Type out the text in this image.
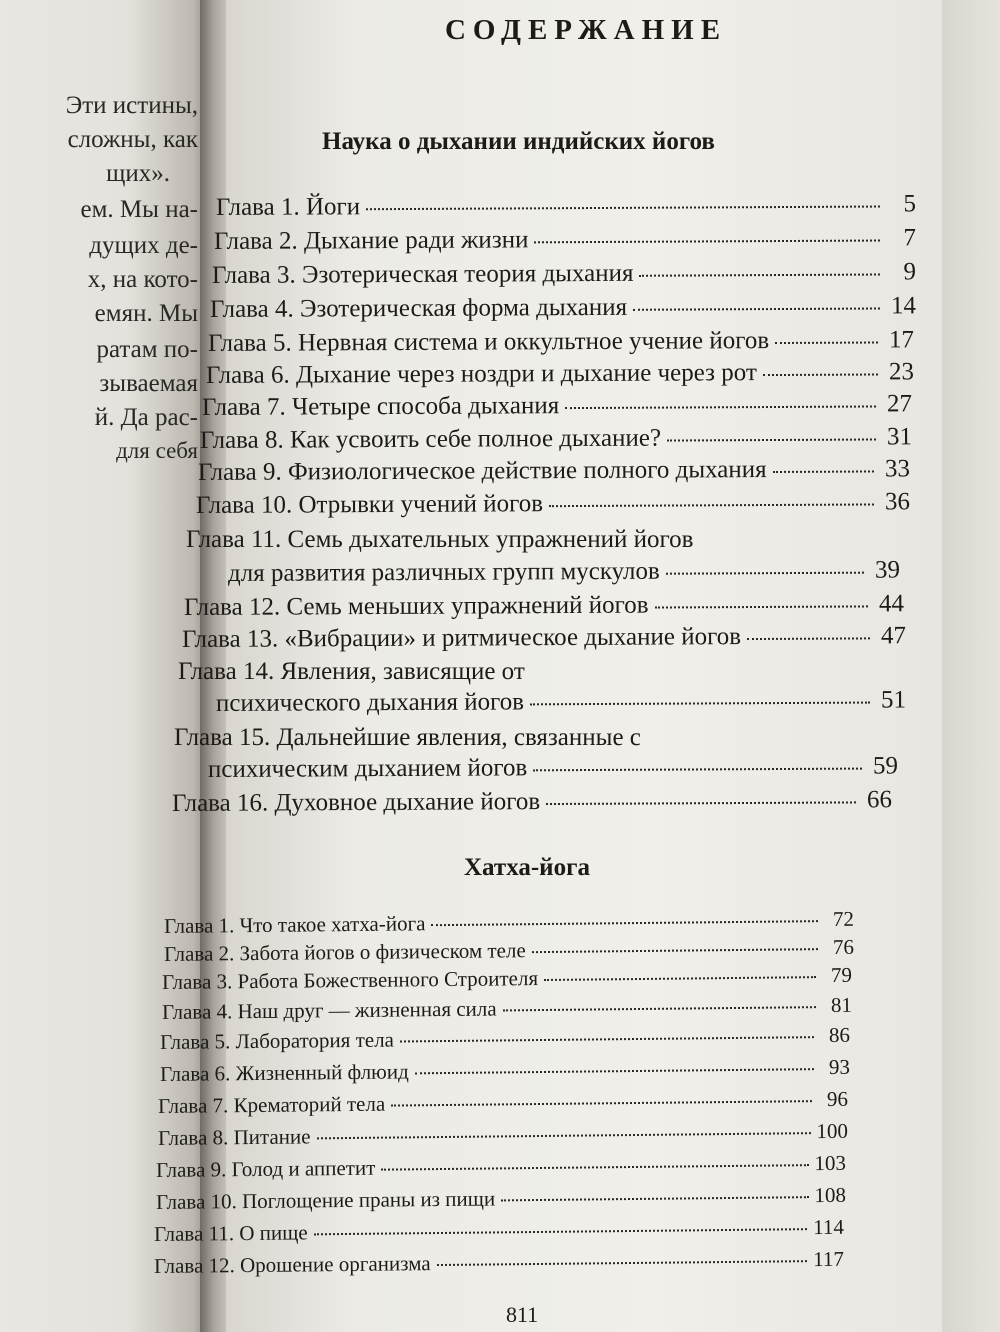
Эти истины,
сложны, как
щих».
ем. Мы на-
дущих де-
х, на кото-
емян. Мы
ратам по-
зываемая
й. Да рас-
для себя
СОДЕРЖАНИЕ
Наука о дыхании индийских йогов
Глава 1. Йоги	5
Глава 2. Дыхание ради жизни	7
Глава 3. Эзотерическая теория дыхания	9
Глава 4. Эзотерическая форма дыхания	14
Глава 5. Нервная система и оккультное учение йогов	17
Глава 6. Дыхание через ноздри и дыхание через рот	23
Глава 7. Четыре способа дыхания	27
Глава 8. Как усвоить себе полное дыхание?	31
Глава 9. Физиологическое действие полного дыхания	33
Глава 10. Отрывки учений йогов	36
Глава 11. Семь дыхательных упражнений йогов
для развития различных групп мускулов	39
Глава 12. Семь меньших упражнений йогов	44
Глава 13. «Вибрации» и ритмическое дыхание йогов	47
Глава 14. Явления, зависящие от
психического дыхания йогов	51
Глава 15. Дальнейшие явления, связанные с
психическим дыханием йогов	59
Глава 16. Духовное дыхание йогов	66
Хатха-йога
Глава 1. Что такое хатха-йога	72
Глава 2. Забота йогов о физическом теле	76
Глава 3. Работа Божественного Строителя	79
Глава 4. Наш друг — жизненная сила	81
Глава 5. Лаборатория тела	86
Глава 6. Жизненный флюид	93
Глава 7. Крематорий тела	96
Глава 8. Питание	100
Глава 9. Голод и аппетит	103
Глава 10. Поглощение праны из пищи	108
Глава 11. О пище	114
Глава 12. Орошение организма	117
811
